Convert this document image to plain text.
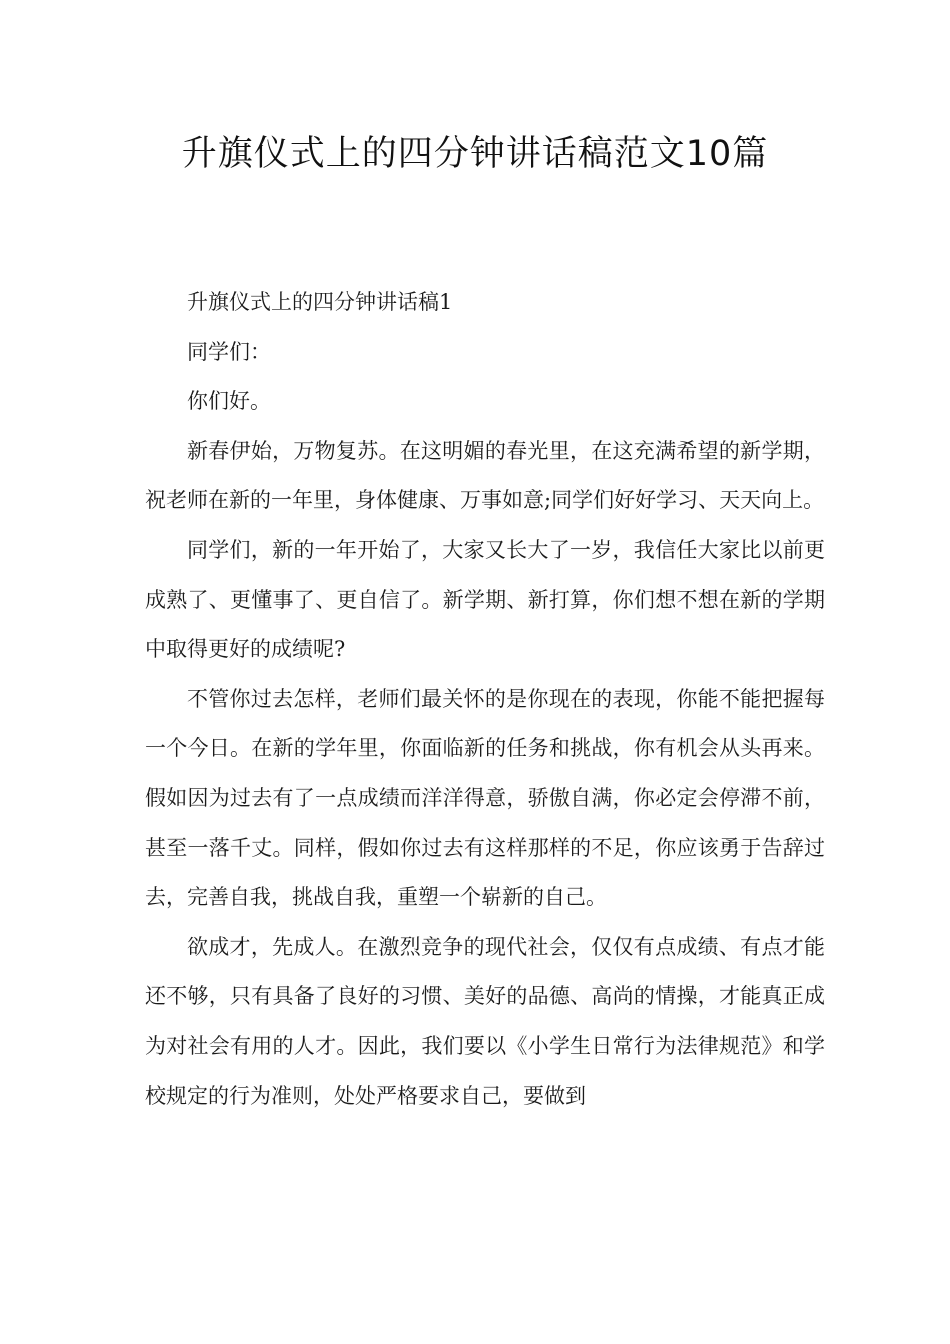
升旗仪式上的四分钟讲话稿范文10篇

升旗仪式上的四分钟讲话稿1

同学们：

你们好。

新春伊始，万物复苏。在这明媚的春光里，在这充满希望的新学期，祝老师在新的一年里，身体健康、万事如意;同学们好好学习、天天向上。

同学们，新的一年开始了，大家又长大了一岁，我信任大家比以前更成熟了、更懂事了、更自信了。新学期、新打算，你们想不想在新的学期中取得更好的成绩呢?

不管你过去怎样，老师们最关怀的是你现在的表现，你能不能把握每一个今日。在新的学年里，你面临新的任务和挑战，你有机会从头再来。假如因为过去有了一点成绩而洋洋得意，骄傲自满，你必定会停滞不前，甚至一落千丈。同样，假如你过去有这样那样的不足，你应该勇于告辞过去，完善自我，挑战自我，重塑一个崭新的自己。

欲成才，先成人。在激烈竞争的现代社会，仅仅有点成绩、有点才能还不够，只有具备了良好的习惯、美好的品德、高尚的情操，才能真正成为对社会有用的人才。因此，我们要以《小学生日常行为法律规范》和学校规定的行为准则，处处严格要求自己，要做到
